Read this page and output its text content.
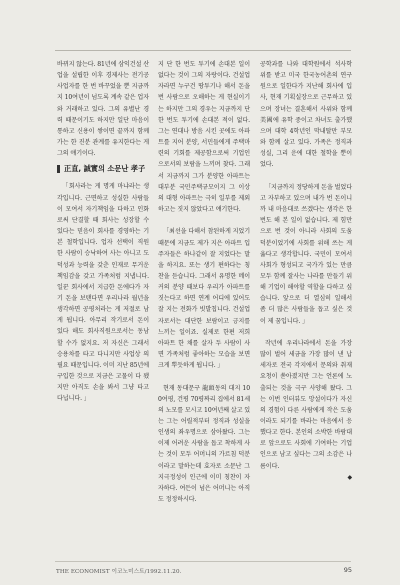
바뀌지 않는다. 81년에 삼익건설 산업을 설립한 이후 경제사는 전기공사업자를 한 번 바꾸었을 뿐 지금까지 10여년이 넘도록 계속 같은 업자와 거래하고 있다. 그의 유별난 경력 때문이기도 하지만 일단 마음이 통하고 신용이 쌓이면 끝까지 함께 가는 한 진분 관계를 유지한다는 게 그의 얘기이다.

正直, 誠實의 소문난 孝子

「회사라는 게 명게 마냐라는 생각입니다. 근면하고 성실한 사람들이 모여서 자기책임을 다하고 인화로써 단결할 때 회사는 성장할 수 있다는 믿음이 회사를 경영하는 기본 철학입니다. 업자 선택이 직원 한 사람이 승낙하여 사는 아니고 도덕성과 능력을 갖춘 인재로 무거운 책임감을 갖고 가족처럼 지냅니다. 일꾼 회사에서 지급한 돈에다가 자기 돈을 보탠다면 우리나라 월년을 생각하면 공평처라는 게 저절로 남게 됩니다. 아무리 작기로서 돈이 있다 해도 회사직원으로서는 동남할 수가 없지요. 저 자신은 그래서 승용차를 타고 다니지만 사업상 의필요 때문입니다. 이미 지난 85년에 구입한 것으로 지금은 고물이 다 됐지만 아직도 손을 봐서 그냥 타고 다닙니다. 」

지 단 한 번도 투기에 손대본 일이 없다는 것이 그의 자랑이다. 건설업자라면 누구건 땅투기나 해서 돈을 번 사람으로 오해하는 게 현실이기는 하지만 그의 경우는 지금까지 단 한 번도 투기에 손대본 적이 없다. 그는 연대나 방음 시킨 곳에도 아파트를 지어 분양, 서민들에게 주택마련의 기회를 제공함으로써 기업인으로서의 보람을 느끼며 찾다. 그래서 지금까지 그가 분양한 아파트는 대부분 국민주택규모이지 그 이상의 대형 아파트는 극히 일부를 제외하고는 짓지 않았다고 얘기한다.

「최선을 다해서 참된하게 지었기 때문에 지금도 제가 지은 아파트 입주자들은 하나같이 잘 지었다는 말을 하지요. 또는 생기 편하다는 칭찬을 듣습니다. 그래서 유명한 메이커의 분양 때보다 우리가 아파트를 짓는다고 하면 연계 어디에 있어도 잘 지는 전화가 빗발칩니다. 건설업자로서는 대단한 보람이고 긍지를 느끼는 일이죠. 실제로 한편 저희 아파트 한 채를 살자 두 사람이 사면 가족처럼 좋아하는 모습을 보면 크게 뿌듯하게 됩니다. 」

현재 동대문구 龍頭동의 대지 100여평, 건평 70평짜리 집에서 81세의 노모를 모시고 10여년째 살고 있는 그는 어릴적부터 정직과 성실을 인생의 좌우명으로 삼아왔다. 그는 이제 어려운 사람을 돕고 착하게 사는 것이 모두 어머니의 가르침 덕분이라고 말하는데 효자로 소문난 그 지극정성이 인근에 이미 칭찬이 자자하다. 여든이 넘은 어머니는 아직도 정정하시다.

공학과를 나와 대학원에서 석사학위를 받고 미국 한국농어촌의 연구원으로 일한다가 지난해 회사에 입사, 현재 기획실장으로 근무하고 있으며 장녀는 결혼해서 사위와 함께 美國에 유학 중이고 차녀도 출가했으며 대학 4학년인 막내딸만 부모와 함께 살고 있다. 가족은 정직과 성실, 그리 운에 대한 철학을 뿐이었다.

「지금까지 정당하게 돈을 벌었다고 자부하고 있으며 내가 번 돈이니까 내 마음대로 쓰겠다는 생각은 한 번도 해 본 일이 없습니다. 제 힘만으로 번 것이 아니라 사회의 도움 덕분이었기에 사회를 위해 쓰는 게 옳다고 생각합니다. 국민이 모여서 사회가 형성되고 국가가 있는 만큼 모두 함께 잘사는 나라를 만들기 위해 기업이 해야할 역할을 다하고 싶습니다. 앞으로 더 열심히 일해서 좀 더 많은 사람들을 돕고 싶은 것이 제 꿈입니다. 」

작년에 우리나라에서 돈을 가장 많이 벌어 세금을 가장 많이 낸 납세자로 전국 각지에서 문의와 취재 요청이 쏟아졌지만 그는 언론에 노출되는 것을 극구 사양해 왔다. 그는 이번 인터뷰도 망설이다가 자신의 경험이 다른 사람에게 작은 도움이라도 되기를 바라는 마음에서 응했다고 한다. 본인의 소박한 바람대로 앞으로도 사회에 기여하는 기업인으로 남고 싶다는 그의 소감은 나름이다.

◆

THE ECONOMIST 이코노미스트/1992.11.20.	95
